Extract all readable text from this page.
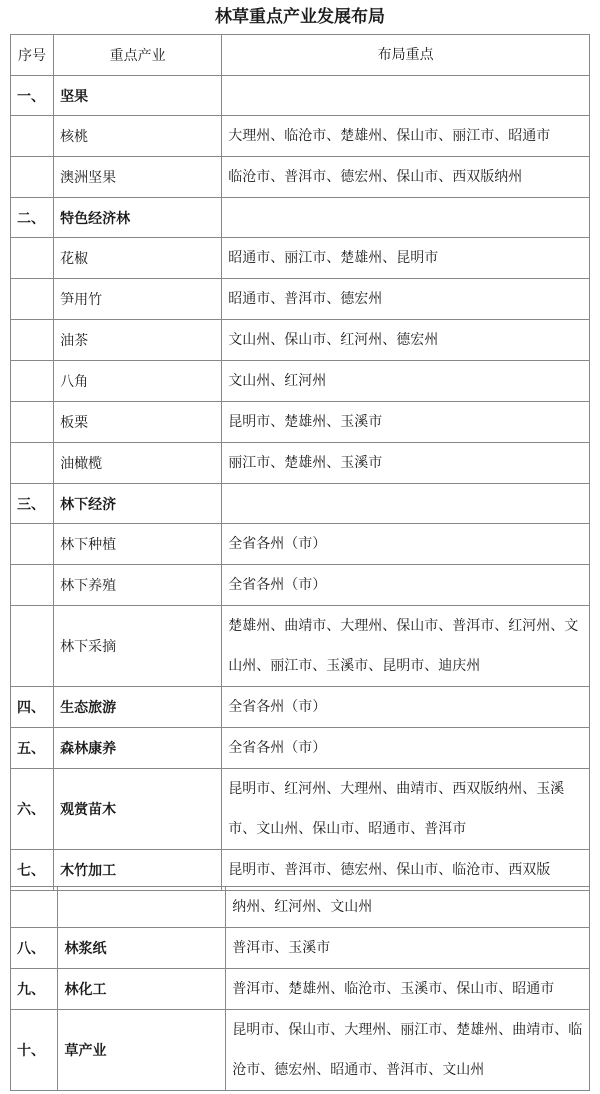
林草重点产业发展布局
序号	重点产业	布局重点
一、	坚果	
	核桃	大理州、临沧市、楚雄州、保山市、丽江市、昭通市
	澳洲坚果	临沧市、普洱市、德宏州、保山市、西双版纳州
二、	特色经济林	
	花椒	昭通市、丽江市、楚雄州、昆明市
	笋用竹	昭通市、普洱市、德宏州
	油茶	文山州、保山市、红河州、德宏州
	八角	文山州、红河州
	板栗	昆明市、楚雄州、玉溪市
	油橄榄	丽江市、楚雄州、玉溪市
三、	林下经济	
	林下种植	全省各州（市）
	林下养殖	全省各州（市）
	林下采摘	楚雄州、曲靖市、大理州、保山市、普洱市、红河州、文山州、丽江市、玉溪市、昆明市、迪庆州
四、	生态旅游	全省各州（市）
五、	森林康养	全省各州（市）
六、	观赏苗木	昆明市、红河州、大理州、曲靖市、西双版纳州、玉溪市、文山州、保山市、昭通市、普洱市
七、	木竹加工	昆明市、普洱市、德宏州、保山市、临沧市、西双版
		纳州、红河州、文山州
八、	林浆纸	普洱市、玉溪市
九、	林化工	普洱市、楚雄州、临沧市、玉溪市、保山市、昭通市
十、	草产业	昆明市、保山市、大理州、丽江市、楚雄州、曲靖市、临沧市、德宏州、昭通市、普洱市、文山州
